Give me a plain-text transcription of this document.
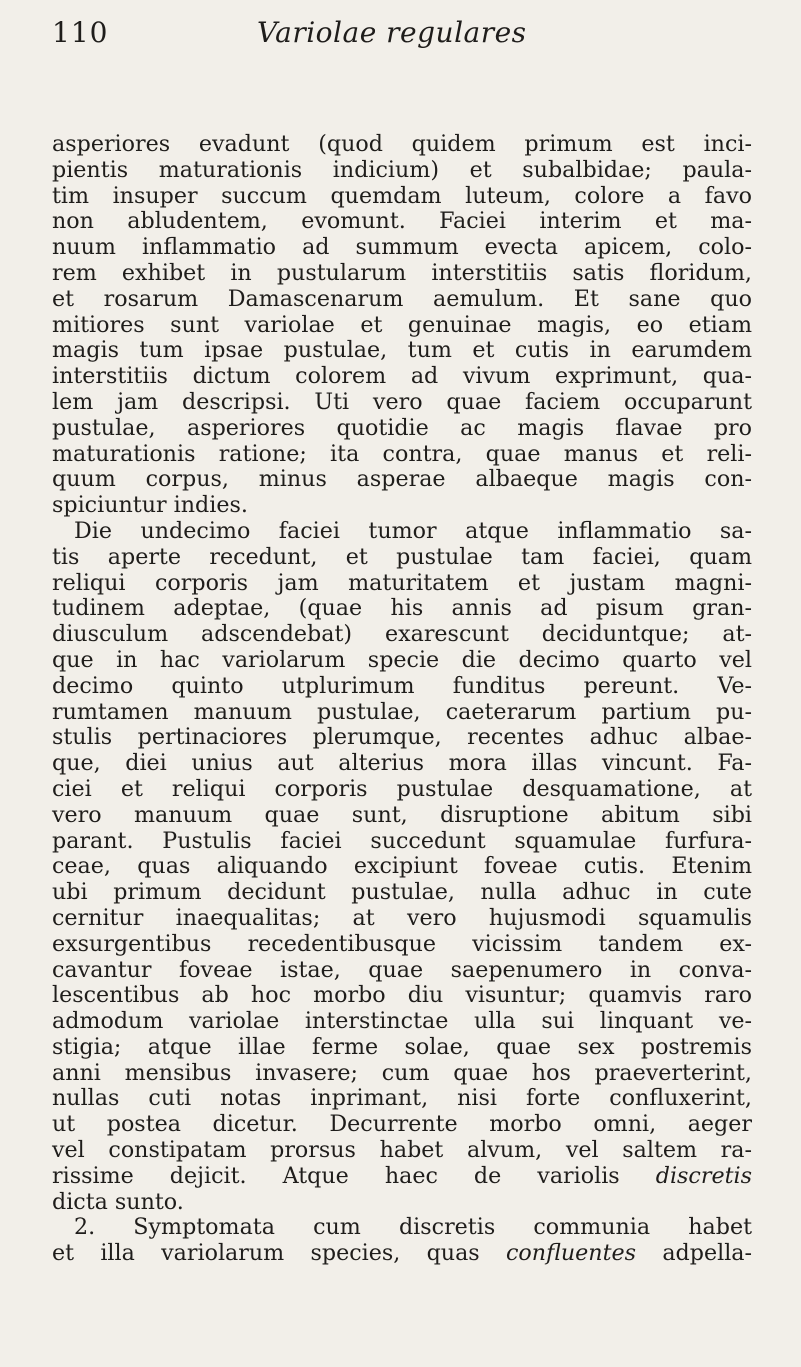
110	Variolae regulares
asperiores evadunt (quod quidem primum est inci-
pientis maturationis indicium) et subalbidae; paula-
tim insuper succum quemdam luteum, colore a favo
non abludentem, evomunt. Faciei interim et ma-
nuum inflammatio ad summum evecta apicem, colo-
rem exhibet in pustularum interstitiis satis floridum,
et rosarum Damascenarum aemulum. Et sane quo
mitiores sunt variolae et genuinae magis, eo etiam
magis tum ipsae pustulae, tum et cutis in earumdem
interstitiis dictum colorem ad vivum exprimunt, qua-
lem jam descripsi. Uti vero quae faciem occuparunt
pustulae, asperiores quotidie ac magis flavae pro
maturationis ratione; ita contra, quae manus et reli-
quum corpus, minus asperae albaeque magis con-
spiciuntur indies.
Die undecimo faciei tumor atque inflammatio sa-
tis aperte recedunt, et pustulae tam faciei, quam
reliqui corporis jam maturitatem et justam magni-
tudinem adeptae, (quae his annis ad pisum gran-
diusculum adscendebat) exarescunt deciduntque; at-
que in hac variolarum specie die decimo quarto vel
decimo quinto utplurimum funditus pereunt. Ve-
rumtamen manuum pustulae, caeterarum partium pu-
stulis pertinaciores plerumque, recentes adhuc albae-
que, diei unius aut alterius mora illas vincunt. Fa-
ciei et reliqui corporis pustulae desquamatione, at
vero manuum quae sunt, disruptione abitum sibi
parant. Pustulis faciei succedunt squamulae furfura-
ceae, quas aliquando excipiunt foveae cutis. Etenim
ubi primum decidunt pustulae, nulla adhuc in cute
cernitur inaequalitas; at vero hujusmodi squamulis
exsurgentibus recedentibusque vicissim tandem ex-
cavantur foveae istae, quae saepenumero in conva-
lescentibus ab hoc morbo diu visuntur; quamvis raro
admodum variolae interstinctae ulla sui linquant ve-
stigia; atque illae ferme solae, quae sex postremis
anni mensibus invasere; cum quae hos praeverterint,
nullas cuti notas inprimant, nisi forte confluxerint,
ut postea dicetur. Decurrente morbo omni, aeger
vel constipatam prorsus habet alvum, vel saltem ra-
rissime dejicit. Atque haec de variolis discretis
dicta sunto.
2. Symptomata cum discretis communia habet
et illa variolarum species, quas confluentes adpella-
